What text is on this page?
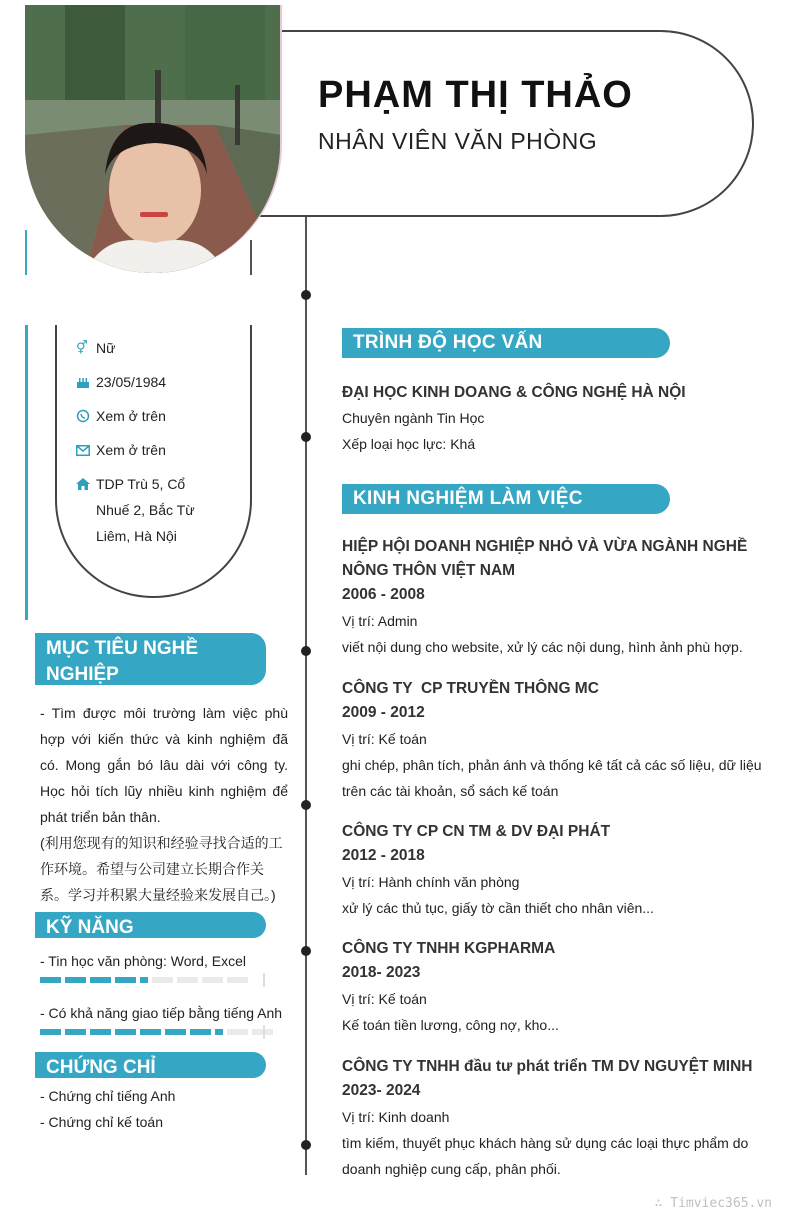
PHẠM THỊ THẢO
NHÂN VIÊN VĂN PHÒNG
⚥ Nữ
23/05/1984
Xem ở trên
Xem ở trên
TDP Trù 5, Cổ Nhuế 2, Bắc Từ Liêm, Hà Nội
MỤC TIÊU NGHỀ NGHIỆP
- Tìm được môi trường làm việc phù hợp với kiến thức và kinh nghiệm đã có. Mong gắn bó lâu dài với công ty. Học hỏi tích lũy nhiều kinh nghiệm để phát triển bản thân.
(利用您现有的知识和经验寻找合适的工作环境。希望与公司建立长期合作关系。学习并积累大量经验来发展自己。)
KỸ NĂNG
- Tin học văn phòng: Word, Excel
- Có khả năng giao tiếp bằng tiếng Anh
CHỨNG CHỈ
- Chứng chỉ tiếng Anh
- Chứng chỉ kế toán
TRÌNH ĐỘ HỌC VẤN
ĐẠI HỌC KINH DOANG & CÔNG NGHỆ HÀ NỘI
Chuyên ngành Tin Học
Xếp loại học lực: Khá
KINH NGHIỆM LÀM VIỆC
HIỆP HỘI DOANH NGHIỆP NHỎ VÀ VỪA NGÀNH NGHỀ NÔNG THÔN VIỆT NAM
2006 - 2008
Vị trí: Admin
viết nội dung cho website, xử lý các nội dung, hình ảnh phù hợp.
CÔNG TY  CP TRUYỀN THÔNG MC
2009 - 2012
Vị trí: Kế toán
ghi chép, phân tích, phản ánh và thống kê tất cả các số liệu, dữ liệu trên các tài khoản, sổ sách kế toán
CÔNG TY CP CN TM & DV ĐẠI PHÁT
2012 - 2018
Vị trí: Hành chính văn phòng
xử lý các thủ tục, giấy tờ cần thiết cho nhân viên...
CÔNG TY TNHH KGPHARMA
2018- 2023
Vị trí: Kế toán
Kế toán tiền lương, công nợ, kho...
CÔNG TY TNHH đầu tư phát triển TM DV NGUYỆT MINH
2023- 2024
Vị trí: Kinh doanh
tìm kiếm, thuyết phục khách hàng sử dụng các loại thực phẩm do doanh nghiệp cung cấp, phân phối.
∴ Timviec365.vn
